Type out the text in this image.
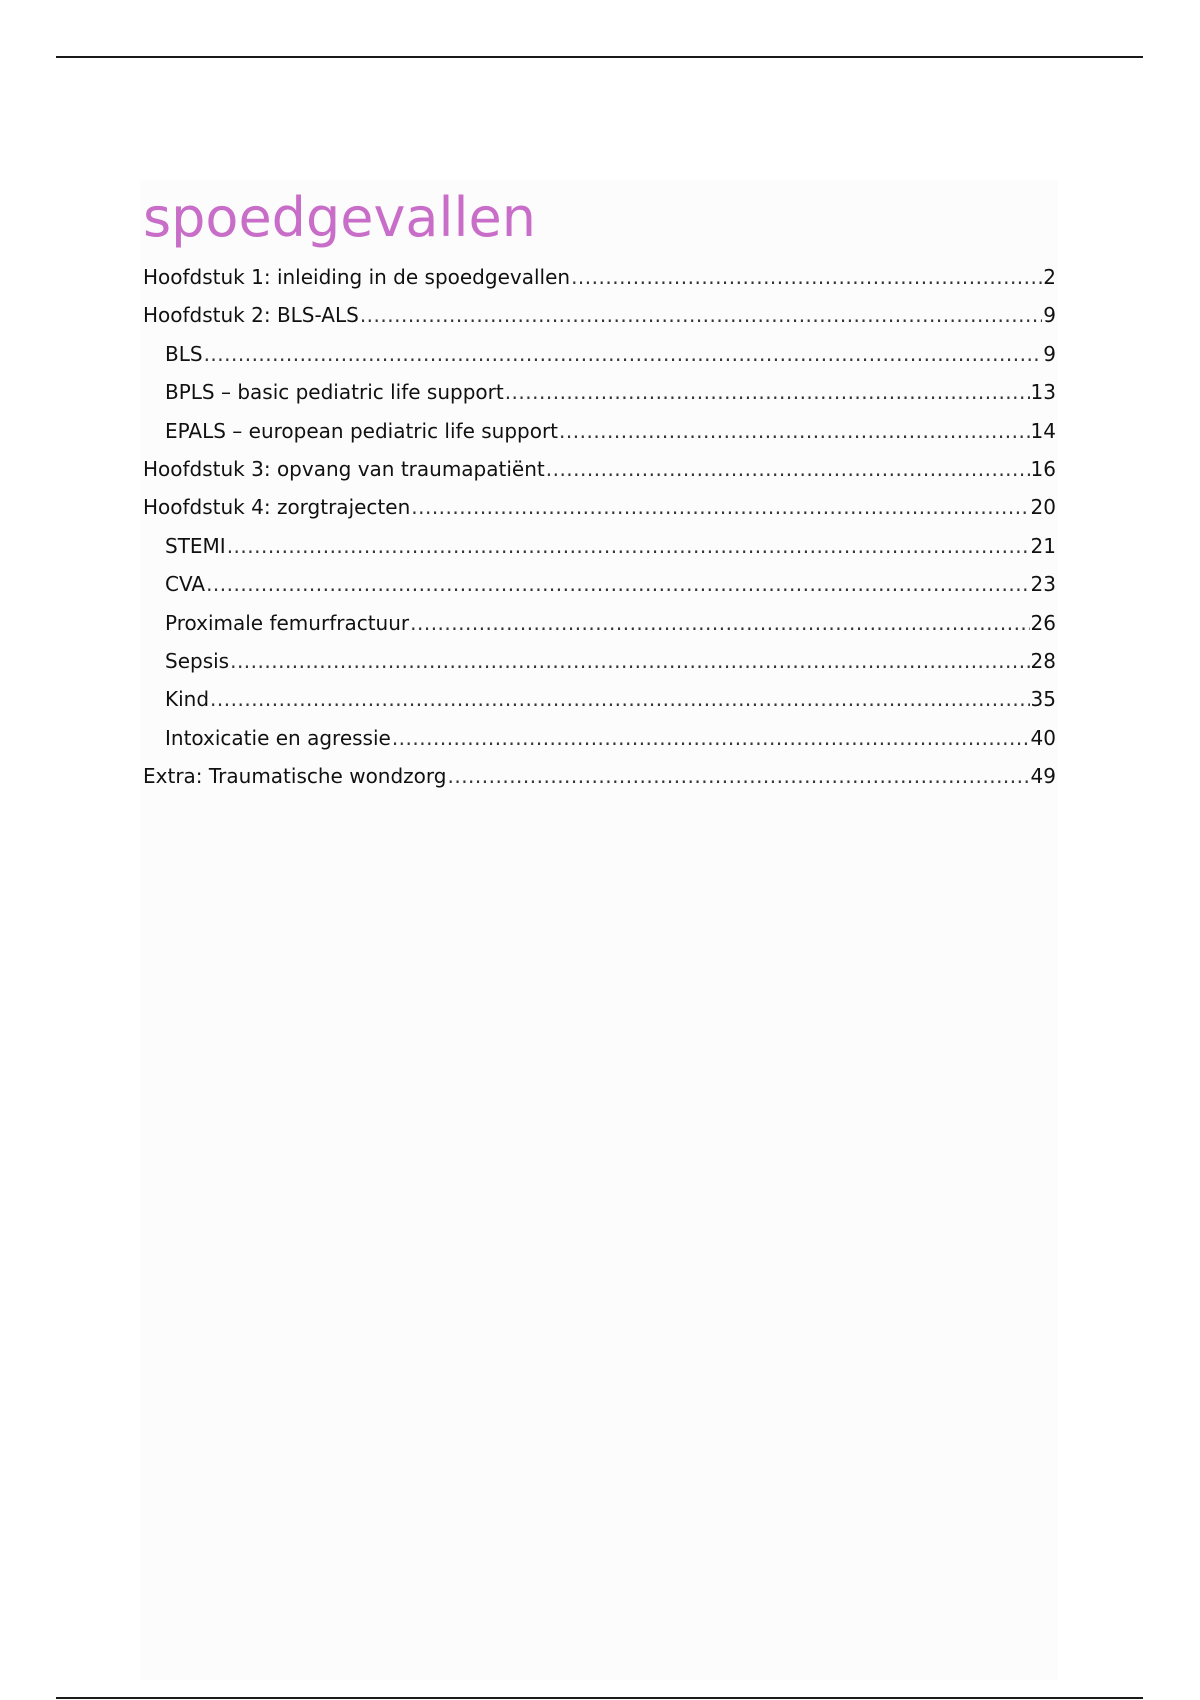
spoedgevallen
Hoofdstuk 1: inleiding in de spoedgevallen .....	2
Hoofdstuk 2: BLS-ALS .....	9
BLS .....	9
BPLS – basic pediatric life support .....	13
EPALS – european pediatric life support .....	14
Hoofdstuk 3: opvang van traumapatiënt .....	16
Hoofdstuk 4: zorgtrajecten .....	20
STEMI .....	21
CVA .....	23
Proximale femurfractuur .....	26
Sepsis .....	28
Kind .....	35
Intoxicatie en agressie .....	40
Extra: Traumatische wondzorg .....	49
